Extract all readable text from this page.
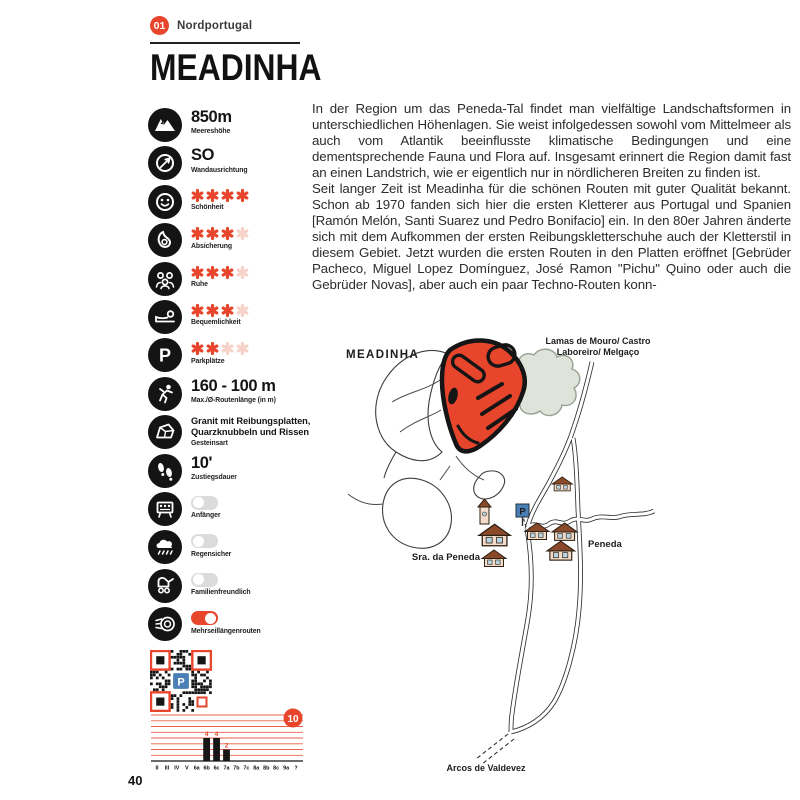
01	Nordportugal
MEADINHA
850m
Meereshöhe
SO
Wandausrichtung
Schönheit
Absicherung
Ruhe
Bequemlichkeit
P	Parkplätze
160 - 100 m
Max./Ø-Routenlänge (in m)
Granit mit Reibungsplatten, Quarzknubbeln und Rissen
Gesteinsart
10'
Zustiegsdauer
Anfänger
Regensicher
Familienfreundlich
Mehrseillängenrouten
P
II III IV V 6a 6b
4
6c
4
7a
2
7b 7c 8a 8b 8c 9a ?
10
40

In der Region um das Peneda-Tal findet man vielfältige Landschaftsformen in unterschiedlichen Höhenlagen. Sie weist infolgedessen sowohl vom Mittelmeer als auch vom Atlantik beeinflusste klimatische Bedingungen und eine dementsprechende Fauna und Flora auf. Insgesamt erinnert die Region damit fast an einen Landstrich, wie er eigentlich nur in nördlicheren Breiten zu finden ist.

Seit langer Zeit ist Meadinha für die schönen Routen mit guter Qualität bekannt. Schon ab 1970 fanden sich hier die ersten Kletterer aus Portugal und Spanien [Ramón Melón, Santi Suarez und Pedro Bonifacio] ein. In den 80er Jahren änderte sich mit dem Aufkommen der ersten Reibungskletterschuhe auch der Kletterstil in diesem Gebiet. Jetzt wurden die ersten Routen in den Platten eröffnet [Gebrüder Pacheco, Miguel Lopez Domínguez, José Ramon "Pichu" Quino oder auch die Gebrüder Novas], aber auch ein paar Techno-Routen konn-

P
MEADINHA
Lamas de Mouro/ Castro
Laboreiro/ Melgaço
Sra. da Peneda
Peneda
Arcos de Valdevez
